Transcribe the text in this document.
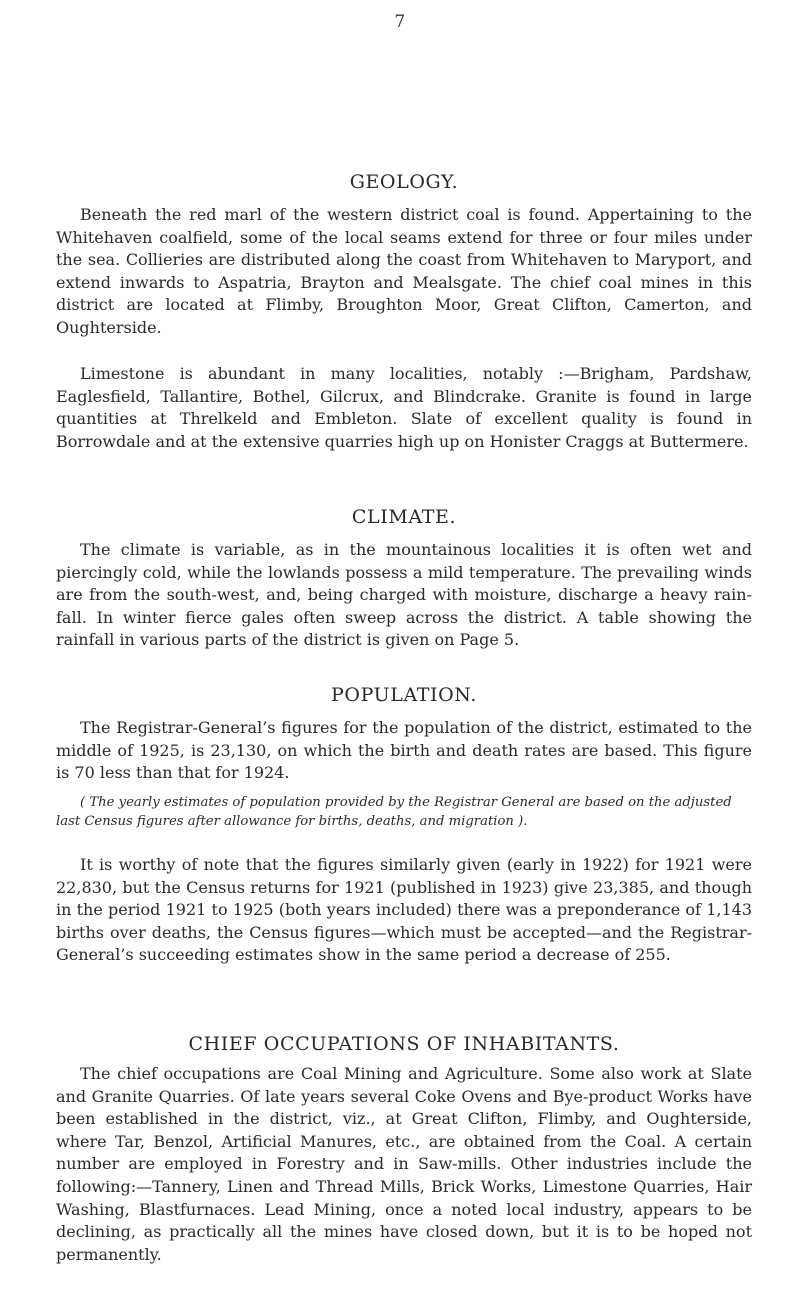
7
GEOLOGY.

Beneath the red marl of the western district coal is found. Appertaining to the Whitehaven coalfield, some of the local seams extend for three or four miles under the sea. Collieries are distributed along the coast from Whitehaven to Maryport, and extend inwards to Aspatria, Brayton and Mealsgate. The chief coal mines in this district are located at Flimby, Broughton Moor, Great Clifton, Camerton, and Oughterside.

Limestone is abundant in many localities, notably :—Brigham, Pardshaw, Eaglesfield, Tallantire, Bothel, Gilcrux, and Blindcrake. Granite is found in large quantities at Threlkeld and Embleton. Slate of excellent quality is found in Borrowdale and at the extensive quarries high up on Honister Craggs at Buttermere.

CLIMATE.

The climate is variable, as in the mountainous localities it is often wet and piercingly cold, while the lowlands possess a mild temperature. The prevailing winds are from the south-west, and, being charged with moisture, discharge a heavy rain-fall. In winter fierce gales often sweep across the district. A table showing the rainfall in various parts of the district is given on Page 5.

POPULATION.

The Registrar-General’s figures for the population of the district, estimated to the middle of 1925, is 23,130, on which the birth and death rates are based. This figure is 70 less than that for 1924.

( The yearly estimates of population provided by the Registrar General are based on the adjusted last Census figures after allowance for births, deaths, and migration ).

It is worthy of note that the figures similarly given (early in 1922) for 1921 were 22,830, but the Census returns for 1921 (published in 1923) give 23,385, and though in the period 1921 to 1925 (both years included) there was a preponderance of 1,143 births over deaths, the Census figures—which must be accepted—and the Registrar-General’s succeeding estimates show in the same period a decrease of 255.

CHIEF OCCUPATIONS OF INHABITANTS.

The chief occupations are Coal Mining and Agriculture. Some also work at Slate and Granite Quarries. Of late years several Coke Ovens and Bye-product Works have been established in the district, viz., at Great Clifton, Flimby, and Oughterside, where Tar, Benzol, Artificial Manures, etc., are obtained from the Coal. A certain number are employed in Forestry and in Saw-mills. Other industries include the following:—Tannery, Linen and Thread Mills, Brick Works, Limestone Quarries, Hair Washing, Blastfurnaces. Lead Mining, once a noted local industry, appears to be declining, as practically all the mines have closed down, but it is to be hoped not permanently.
